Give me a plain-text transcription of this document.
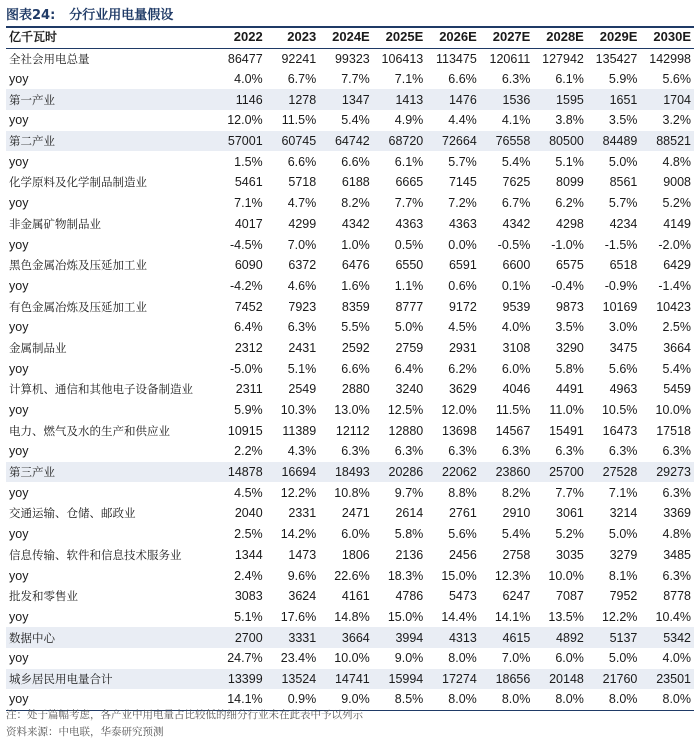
图表24: 分行业用电量假设
亿千瓦时	2022	2023	2024E	2025E	2026E	2027E	2028E	2029E	2030E
全社会用电总量	86477	92241	99323	106413	113475	120611	127942	135427	142998
yoy	4.0%	6.7%	7.7%	7.1%	6.6%	6.3%	6.1%	5.9%	5.6%
第一产业	1146	1278	1347	1413	1476	1536	1595	1651	1704
yoy	12.0%	11.5%	5.4%	4.9%	4.4%	4.1%	3.8%	3.5%	3.2%
第二产业	57001	60745	64742	68720	72664	76558	80500	84489	88521
yoy	1.5%	6.6%	6.6%	6.1%	5.7%	5.4%	5.1%	5.0%	4.8%
化学原料及化学制品制造业	5461	5718	6188	6665	7145	7625	8099	8561	9008
yoy	7.1%	4.7%	8.2%	7.7%	7.2%	6.7%	6.2%	5.7%	5.2%
非金属矿物制品业	4017	4299	4342	4363	4363	4342	4298	4234	4149
yoy	-4.5%	7.0%	1.0%	0.5%	0.0%	-0.5%	-1.0%	-1.5%	-2.0%
黑色金属冶炼及压延加工业	6090	6372	6476	6550	6591	6600	6575	6518	6429
yoy	-4.2%	4.6%	1.6%	1.1%	0.6%	0.1%	-0.4%	-0.9%	-1.4%
有色金属冶炼及压延加工业	7452	7923	8359	8777	9172	9539	9873	10169	10423
yoy	6.4%	6.3%	5.5%	5.0%	4.5%	4.0%	3.5%	3.0%	2.5%
金属制品业	2312	2431	2592	2759	2931	3108	3290	3475	3664
yoy	-5.0%	5.1%	6.6%	6.4%	6.2%	6.0%	5.8%	5.6%	5.4%
计算机、通信和其他电子设备制造业	2311	2549	2880	3240	3629	4046	4491	4963	5459
yoy	5.9%	10.3%	13.0%	12.5%	12.0%	11.5%	11.0%	10.5%	10.0%
电力、燃气及水的生产和供应业	10915	11389	12112	12880	13698	14567	15491	16473	17518
yoy	2.2%	4.3%	6.3%	6.3%	6.3%	6.3%	6.3%	6.3%	6.3%
第三产业	14878	16694	18493	20286	22062	23860	25700	27528	29273
yoy	4.5%	12.2%	10.8%	9.7%	8.8%	8.2%	7.7%	7.1%	6.3%
交通运输、仓储、邮政业	2040	2331	2471	2614	2761	2910	3061	3214	3369
yoy	2.5%	14.2%	6.0%	5.8%	5.6%	5.4%	5.2%	5.0%	4.8%
信息传输、软件和信息技术服务业	1344	1473	1806	2136	2456	2758	3035	3279	3485
yoy	2.4%	9.6%	22.6%	18.3%	15.0%	12.3%	10.0%	8.1%	6.3%
批发和零售业	3083	3624	4161	4786	5473	6247	7087	7952	8778
yoy	5.1%	17.6%	14.8%	15.0%	14.4%	14.1%	13.5%	12.2%	10.4%
数据中心	2700	3331	3664	3994	4313	4615	4892	5137	5342
yoy	24.7%	23.4%	10.0%	9.0%	8.0%	7.0%	6.0%	5.0%	4.0%
城乡居民用电量合计	13399	13524	14741	15994	17274	18656	20148	21760	23501
yoy	14.1%	0.9%	9.0%	8.5%	8.0%	8.0%	8.0%	8.0%	8.0%
注：处于篇幅考虑，各产业中用电量占比较低的细分行业未在此表中予以列示
资料来源：中电联，华泰研究预测
